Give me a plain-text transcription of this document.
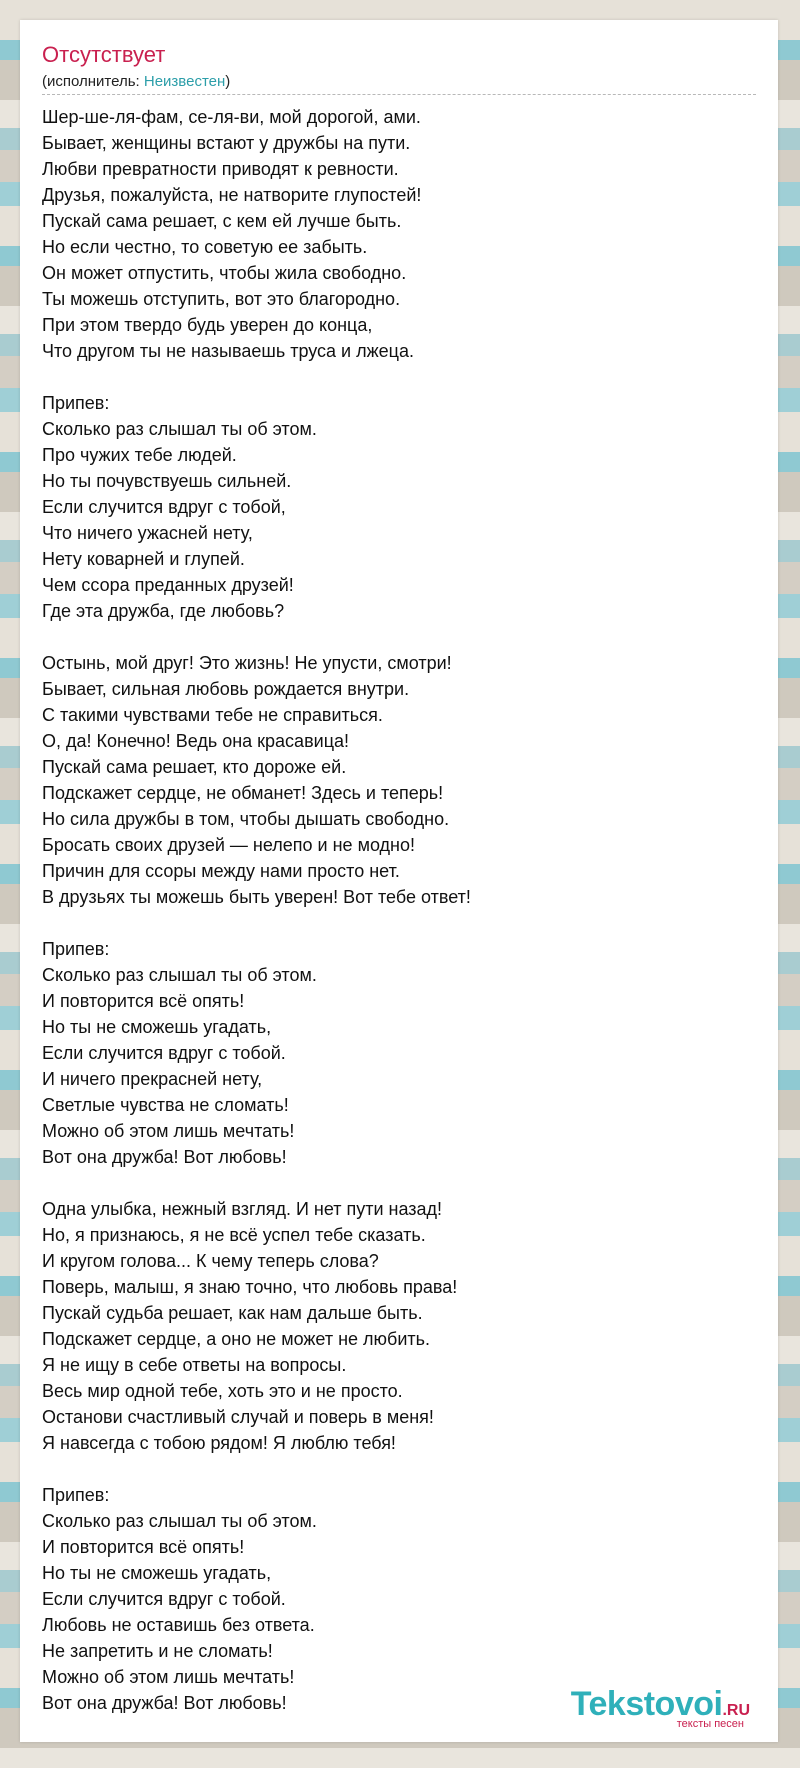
Отсутствует
(исполнитель: Неизвестен)
Шер-ше-ля-фам, се-ля-ви, мой дорогой, ами.
Бывает, женщины встают у дружбы на пути.
Любви превратности приводят к ревности.
Друзья, пожалуйста, не натворите глупостей!
Пускай сама решает, с кем ей лучше быть.
Но если честно, то советую ее забыть.
Он может отпустить, чтобы жила свободно.
Ты можешь отступить, вот это благородно.
При этом твердо будь уверен до конца,
Что другом ты не называешь труса и лжеца.
Припев:
Сколько раз слышал ты об этом.
Про чужих тебе людей.
Но ты почувствуешь сильней.
Если случится вдруг с тобой,
Что ничего ужасней нету,
Нету коварней и глупей.
Чем ссора преданных друзей!
Где эта дружба, где любовь?
Остынь, мой друг! Это жизнь! Не упусти, смотри!
Бывает, сильная любовь рождается внутри.
С такими чувствами тебе не справиться.
О, да! Конечно! Ведь она красавица!
Пускай сама решает, кто дороже ей.
Подскажет сердце, не обманет! Здесь и теперь!
Но сила дружбы в том, чтобы дышать свободно.
Бросать своих друзей — нелепо и не модно!
Причин для ссоры между нами просто нет.
В друзьях ты можешь быть уверен! Вот тебе ответ!
Припев:
Сколько раз слышал ты об этом.
И повторится всё опять!
Но ты не сможешь угадать,
Если случится вдруг с тобой.
И ничего прекрасней нету,
Светлые чувства не сломать!
Можно об этом лишь мечтать!
Вот она дружба! Вот любовь!
Одна улыбка, нежный взгляд. И нет пути назад!
Но, я признаюсь, я не всё успел тебе сказать.
И кругом голова... К чему теперь слова?
Поверь, малыш, я знаю точно, что любовь права!
Пускай судьба решает, как нам дальше быть.
Подскажет сердце, а оно не может не любить.
Я не ищу в себе ответы на вопросы.
Весь мир одной тебе, хоть это и не просто.
Останови счастливый случай и поверь в меня!
Я навсегда с тобою рядом! Я люблю тебя!
Припев:
Сколько раз слышал ты об этом.
И повторится всё опять!
Но ты не сможешь угадать,
Если случится вдруг с тобой.
Любовь не оставишь без ответа.
Не запретить и не сломать!
Можно об этом лишь мечтать!
Вот она дружба! Вот любовь!	Tekstovoi.RU
тексты песен
